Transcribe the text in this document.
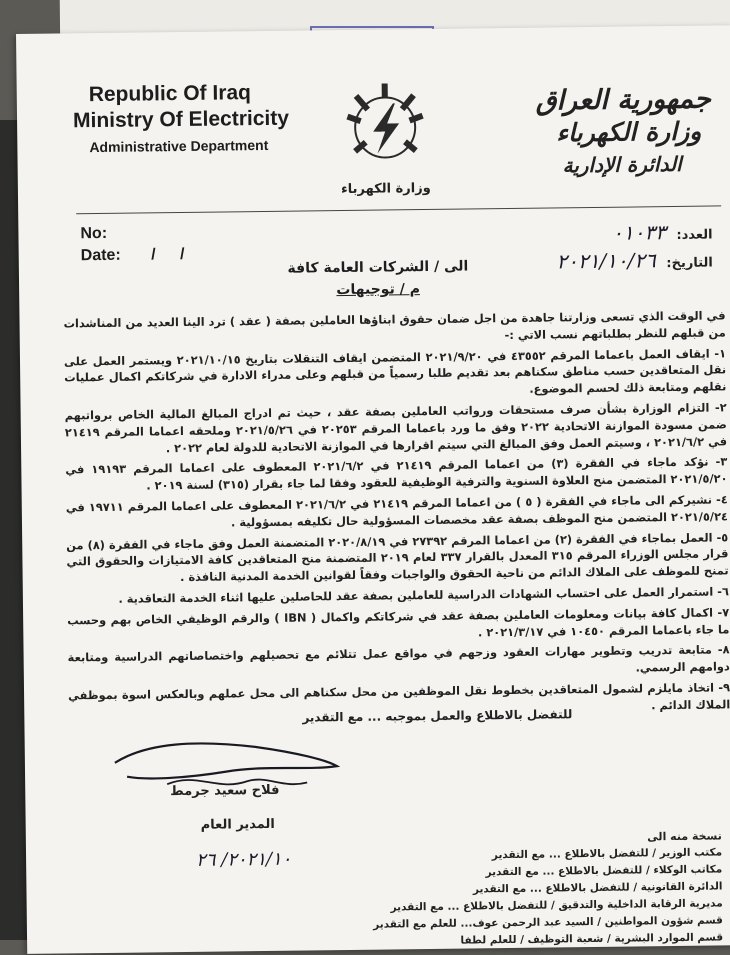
Republic Of Iraq
Ministry Of Electricity
Administrative Department
وزارة الكهرباء
جمهورية العراق
وزارة الكهرباء
الدائرة الإدارية
No:
Date: / /
العدد: ٠١٠٣٣
التاريخ: ٢٠٢١/١٠/٢٦
الى / الشركات العامة كافة
م / توجيهات

في الوقت الذي تسعى وزارتنا جاهدة من اجل ضمان حقوق ابناؤها العاملين بصفة ( عقد ) ترد الينا العديد من المناشدات من قبلهم للنظر بطلباتهم نسب الاتي :-

١- ايقاف العمل باعماما المرقم ٤٣٥٥٢ في ٢٠٢١/٩/٢٠ المتضمن ايقاف التنقلات بتاريخ ٢٠٢١/١٠/١٥ ويستمر العمل على نقل المتعاقدين حسب مناطق سكناهم بعد تقديم طلبا رسمياً من قبلهم وعلى مدراء الادارة في شركاتكم اكمال عمليات نقلهم ومتابعة ذلك لحسم الموضوع.

٢- التزام الوزارة بشأن صرف مستحقات ورواتب العاملين بصفة عقد ، حيث تم ادراج المبالغ المالية الخاص برواتبهم ضمن مسودة الموازنة الاتحادية ٢٠٢٢ وفق ما ورد باعماما المرقم ٢٠٢٥٣ في ٢٠٢١/٥/٢٦ وملحقه اعماما المرقم ٢١٤١٩ في ٢٠٢١/٦/٢ ، وسيتم العمل وفق المبالغ التي سيتم اقرارها في الموازنة الاتحادية للدولة لعام ٢٠٢٢ .

٣- نؤكد ماجاء في الفقرة (٣) من اعماما المرقم ٢١٤١٩ في ٢٠٢١/٦/٢ المعطوف على اعماما المرقم ١٩١٩٣ في ٢٠٢١/٥/٢٠ المتضمن منح العلاوة السنوية والترفية الوظيفية للعقود وفقا لما جاء بقرار (٣١٥) لسنة ٢٠١٩ .

٤- نشيركم الى ماجاء في الفقرة ( ٥ ) من اعماما المرقم ٢١٤١٩ في ٢٠٢١/٦/٢ المعطوف على اعماما المرقم ١٩٧١١ في ٢٠٢١/٥/٢٤ المتضمن منح الموظف بصفة عقد مخصصات المسؤولية حال تكليفه بمسؤولية .

٥- العمل بماجاء في الفقرة (٢) من اعماما المرقم ٢٧٣٩٢ في ٢٠٢٠/٨/١٩ المتضمنة العمل وفق ماجاء في الفقرة (٨) من قرار مجلس الوزراء المرقم ٣١٥ المعدل بالقرار ٣٣٧ لعام ٢٠١٩ المتضمنة منح المتعاقدين كافة الامتيازات والحقوق التي تمنح للموظف على الملاك الدائم من ناحية الحقوق والواجبات وفقاً لقوانين الخدمة المدنية النافذة .

٦- استمرار العمل على احتساب الشهادات الدراسية للعاملين بصفة عقد للحاصلين عليها اثناء الخدمة التعاقدية .

٧- اكمال كافة بيانات ومعلومات العاملين بصفة عقد في شركاتكم واكمال ( IBN ) والرقم الوظيفي الخاص بهم وحسب ما جاء باعماما المرقم ١٠٤٥٠ في ٢٠٢١/٣/١٧ .

٨- متابعة تدريب وتطوير مهارات العقود وزجهم في مواقع عمل تتلائم مع تحصيلهم واختصاصاتهم الدراسية ومتابعة دوامهم الرسمي.

٩- اتخاذ مايلزم لشمول المتعاقدين بخطوط نقل الموظفين من محل سكناهم الى محل عملهم وبالعكس اسوة بموظفي الملاك الدائم .

للتفضل بالاطلاع والعمل بموجبه ... مع التقدير
فلاح سعيد جرمط
المدير العام
٢٠٢١/١٠/ ٢٦
نسخة منه الى
مكتب الوزير / للتفضل بالاطلاع ... مع التقدير
مكاتب الوكلاء / للتفضل بالاطلاع ... مع التقدير
الدائرة القانونية / للتفضل بالاطلاع ... مع التقدير
مديرية الرقابة الداخلية والتدقيق / للتفضل بالاطلاع ... مع التقدير
قسم شؤون المواطنين / السيد عبد الرحمن عوف... للعلم مع التقدير
قسم الموارد البشرية / شعبة التوظيف / للعلم لطفا
